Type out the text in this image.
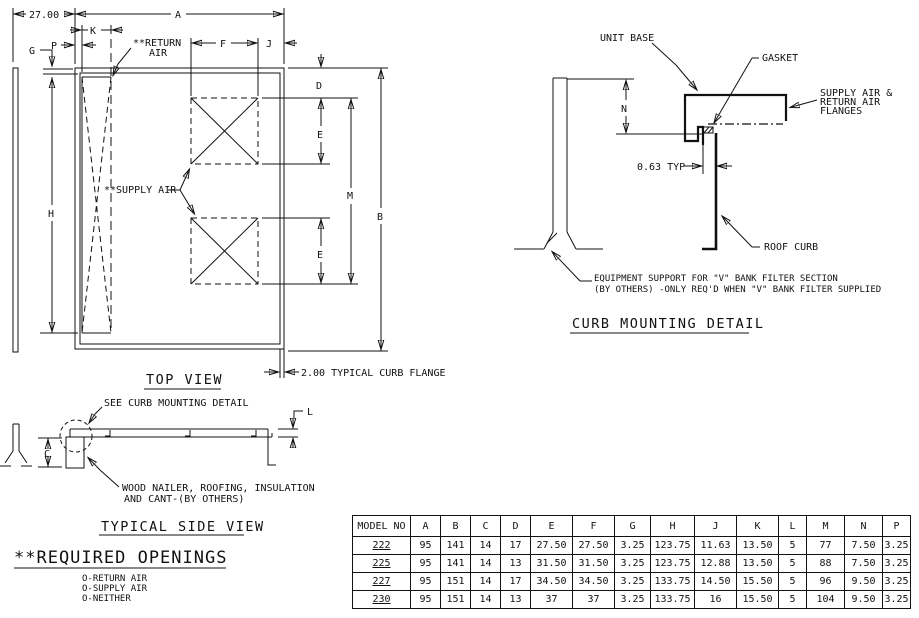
27.00	A
K
P
G
F	J
D
E
E
M
B
H
2.00 TYPICAL CURB FLANGE
**RETURN
AIR
**SUPPLY AIR
TOP VIEW
C
L
SEE CURB MOUNTING DETAIL
WOOD NAILER, ROOFING, INSULATION
AND CANT-(BY OTHERS)
TYPICAL SIDE VIEW
**REQUIRED OPENINGS
O-RETURN AIR
O-SUPPLY AIR
O-NEITHER
N
0.63 TYP
UNIT BASE
GASKET
SUPPLY AIR &
RETURN AIR
FLANGES
ROOF CURB
EQUIPMENT SUPPORT FOR "V" BANK FILTER SECTION
(BY OTHERS) -ONLY REQ'D WHEN "V" BANK FILTER SUPPLIED
CURB MOUNTING DETAIL
MODEL NO	A	B	C	D	E	F	G	H	J	K	L	M	N	P
222	95	141	14	17	27.50	27.50	3.25	123.75	11.63	13.50	5	77	7.50	3.25
225	95	141	14	13	31.50	31.50	3.25	123.75	12.88	13.50	5	88	7.50	3.25
227	95	151	14	17	34.50	34.50	3.25	133.75	14.50	15.50	5	96	9.50	3.25
230	95	151	14	13	37	37	3.25	133.75	16	15.50	5	104	9.50	3.25
